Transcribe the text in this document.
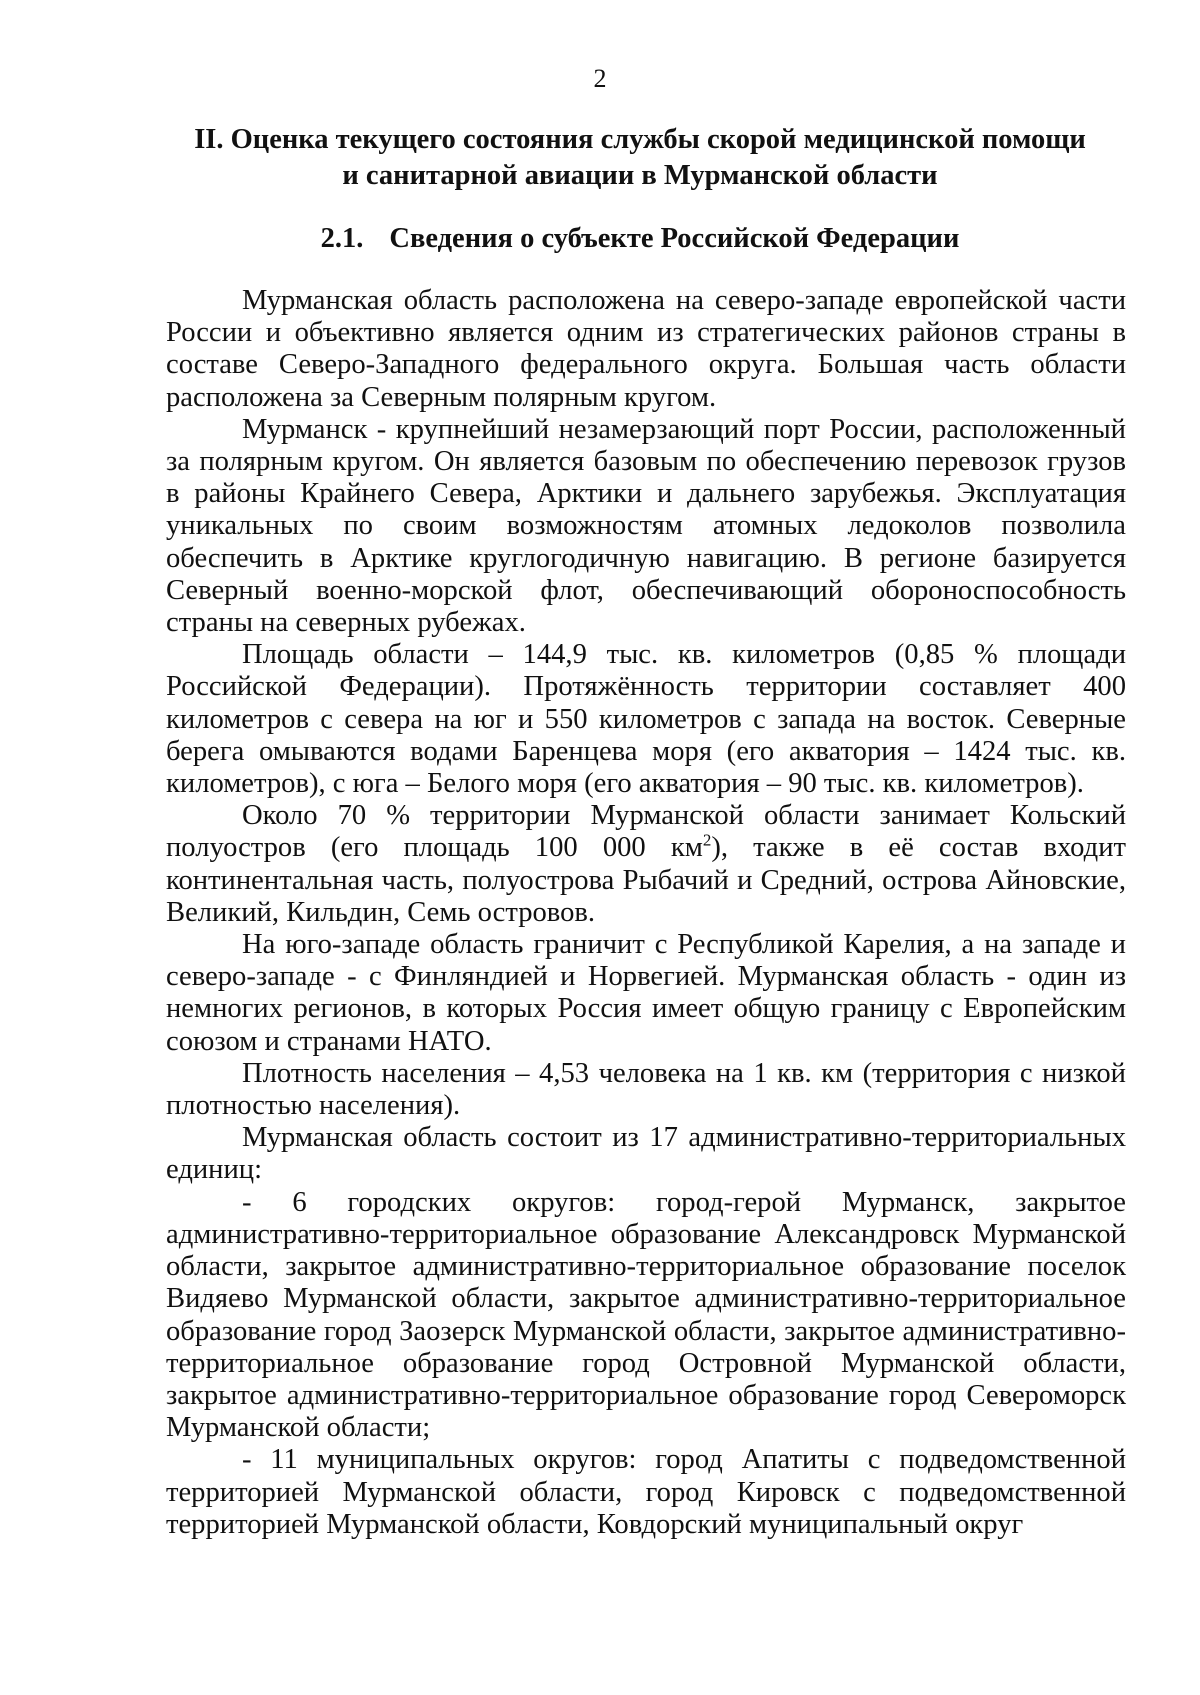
2
II. Оценка текущего состояния службы скорой медицинской помощи
и санитарной авиации в Мурманской области
2.1. Сведения о субъекте Российской Федерации

Мурманская область расположена на северо-западе европейской части России и объективно является одним из стратегических районов страны в составе Северо-Западного федерального округа. Большая часть области расположена за Северным полярным кругом.

Мурманск - крупнейший незамерзающий порт России, расположенный за полярным кругом. Он является базовым по обеспечению перевозок грузов в районы Крайнего Севера, Арктики и дальнего зарубежья. Эксплуатация уникальных по своим возможностям атомных ледоколов позволила обеспечить в Арктике круглогодичную навигацию. В регионе базируется Северный военно-морской флот, обеспечивающий обороноспособность страны на северных рубежах.

Площадь области – 144,9 тыс. кв. километров (0,85 % площади Российской Федерации). Протяжённость территории составляет 400 километров с севера на юг и 550 километров с запада на восток. Северные берега омываются водами Баренцева моря (его акватория – 1424 тыс. кв. километров), с юга – Белого моря (его акватория – 90 тыс. кв. километров).

Около 70 % территории Мурманской области занимает Кольский полуостров (его площадь 100 000 $км^2$), также в её состав входит континентальная часть, полуострова Рыбачий и Средний, острова Айновские, Великий, Кильдин, Семь островов.

На юго-западе область граничит с Республикой Карелия, а на западе и северо-западе - с Финляндией и Норвегией. Мурманская область - один из немногих регионов, в которых Россия имеет общую границу с Европейским союзом и странами НАТО.

Плотность населения – 4,53 человека на 1 кв. км (территория с низкой плотностью населения).

Мурманская область состоит из 17 административно-территориальных единиц:

- 6 городских округов: город-герой Мурманск, закрытое административно-территориальное образование Александровск Мурманской области, закрытое административно-территориальное образование поселок Видяево Мурманской области, закрытое административно-территориальное образование город Заозерск Мурманской области, закрытое административно-территориальное образование город Островной Мурманской области, закрытое административно-территориальное образование город Североморск Мурманской области;

- 11 муниципальных округов: город Апатиты с подведомственной территорией Мурманской области, город Кировск с подведомственной территорией Мурманской области, Ковдорский муниципальный округ
